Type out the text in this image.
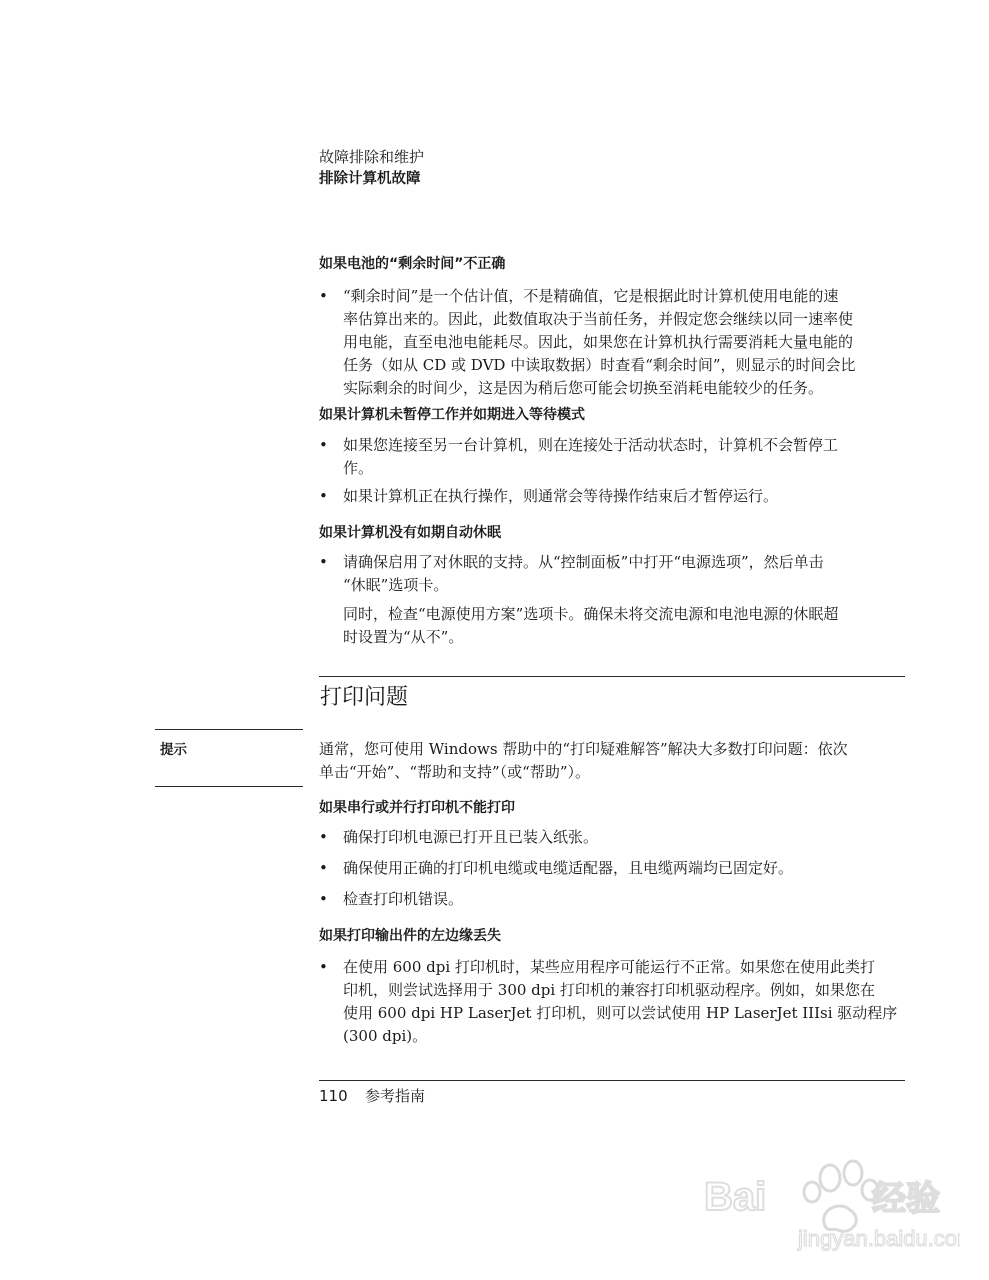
故障排除和维护
排除计算机故障
如果电池的“剩余时间”不正确
•	“剩余时间”是一个估计值，不是精确值，它是根据此时计算机使用电能的速
率估算出来的。因此，此数值取决于当前任务，并假定您会继续以同一速率使
用电能，直至电池电能耗尽。因此，如果您在计算机执行需要消耗大量电能的
任务（如从 CD 或 DVD 中读取数据）时查看“剩余时间”，则显示的时间会比
实际剩余的时间少，这是因为稍后您可能会切换至消耗电能较少的任务。
如果计算机未暂停工作并如期进入等待模式
•	如果您连接至另一台计算机，则在连接处于活动状态时，计算机不会暂停工
作。
•	如果计算机正在执行操作，则通常会等待操作结束后才暂停运行。
如果计算机没有如期自动休眠
•	请确保启用了对休眠的支持。从“控制面板”中打开“电源选项”，然后单击
“休眠”选项卡。
同时，检查“电源使用方案”选项卡。确保未将交流电源和电池电源的休眠超
时设置为“从不”。
打印问题
提示	通常，您可使用 Windows 帮助中的“打印疑难解答”解决大多数打印问题：依次
单击“开始”、“帮助和支持”（或“帮助”）。
如果串行或并行打印机不能打印
•	确保打印机电源已打开且已装入纸张。
•	确保使用正确的打印机电缆或电缆适配器，且电缆两端均已固定好。
•	检查打印机错误。
如果打印输出件的左边缘丢失
•	在使用 600 dpi 打印机时，某些应用程序可能运行不正常。如果您在使用此类打
印机，则尝试选择用于 300 dpi 打印机的兼容打印机驱动程序。例如，如果您在
使用 600 dpi HP LaserJet 打印机，则可以尝试使用 HP LaserJet IIIsi 驱动程序
(300 dpi)。
110 参考指南
Bai	经验
jingyan.baidu.com
